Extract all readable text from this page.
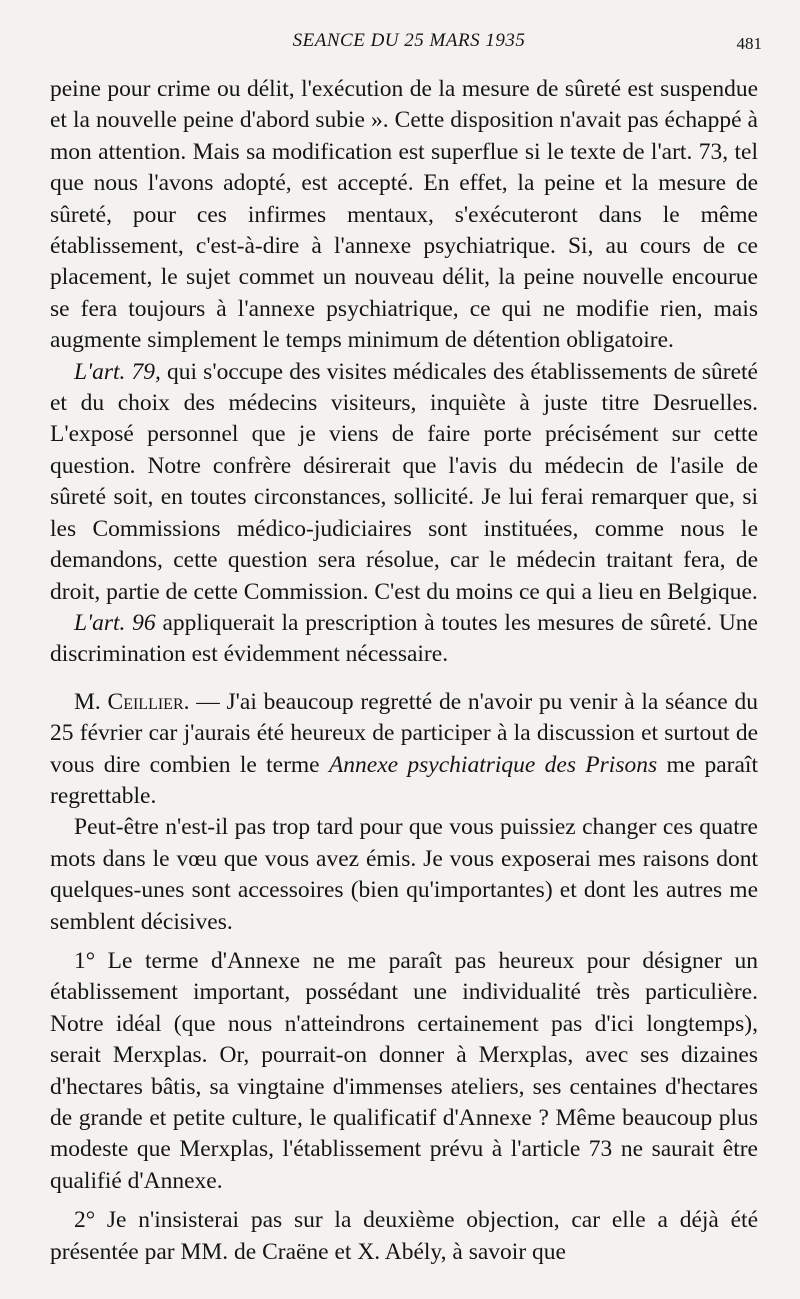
SEANCE DU 25 MARS 1935	481

peine pour crime ou délit, l'exécution de la mesure de sûreté est suspendue et la nouvelle peine d'abord subie ». Cette disposition n'avait pas échappé à mon attention. Mais sa modification est superflue si le texte de l'art. 73, tel que nous l'avons adopté, est accepté. En effet, la peine et la mesure de sûreté, pour ces infirmes mentaux, s'exécuteront dans le même établissement, c'est-à-dire à l'annexe psychiatrique. Si, au cours de ce placement, le sujet commet un nouveau délit, la peine nouvelle encourue se fera toujours à l'annexe psychiatrique, ce qui ne modifie rien, mais augmente simplement le temps minimum de détention obligatoire.

L'art. 79, qui s'occupe des visites médicales des établissements de sûreté et du choix des médecins visiteurs, inquiète à juste titre Desruelles. L'exposé personnel que je viens de faire porte précisément sur cette question. Notre confrère désirerait que l'avis du médecin de l'asile de sûreté soit, en toutes circonstances, sollicité. Je lui ferai remarquer que, si les Commissions médico-judiciaires sont instituées, comme nous le demandons, cette question sera résolue, car le médecin traitant fera, de droit, partie de cette Commission. C'est du moins ce qui a lieu en Belgique.

L'art. 96 appliquerait la prescription à toutes les mesures de sûreté. Une discrimination est évidemment nécessaire.

M. Ceillier. — J'ai beaucoup regretté de n'avoir pu venir à la séance du 25 février car j'aurais été heureux de participer à la discussion et surtout de vous dire combien le terme Annexe psychiatrique des Prisons me paraît regrettable.

Peut-être n'est-il pas trop tard pour que vous puissiez changer ces quatre mots dans le vœu que vous avez émis. Je vous exposerai mes raisons dont quelques-unes sont accessoires (bien qu'importantes) et dont les autres me semblent décisives.

1° Le terme d'Annexe ne me paraît pas heureux pour désigner un établissement important, possédant une individualité très particulière. Notre idéal (que nous n'atteindrons certainement pas d'ici longtemps), serait Merxplas. Or, pourrait-on donner à Merxplas, avec ses dizaines d'hectares bâtis, sa vingtaine d'immenses ateliers, ses centaines d'hectares de grande et petite culture, le qualificatif d'Annexe ? Même beaucoup plus modeste que Merxplas, l'établissement prévu à l'article 73 ne saurait être qualifié d'Annexe.

2° Je n'insisterai pas sur la deuxième objection, car elle a déjà été présentée par MM. de Craëne et X. Abély, à savoir que
